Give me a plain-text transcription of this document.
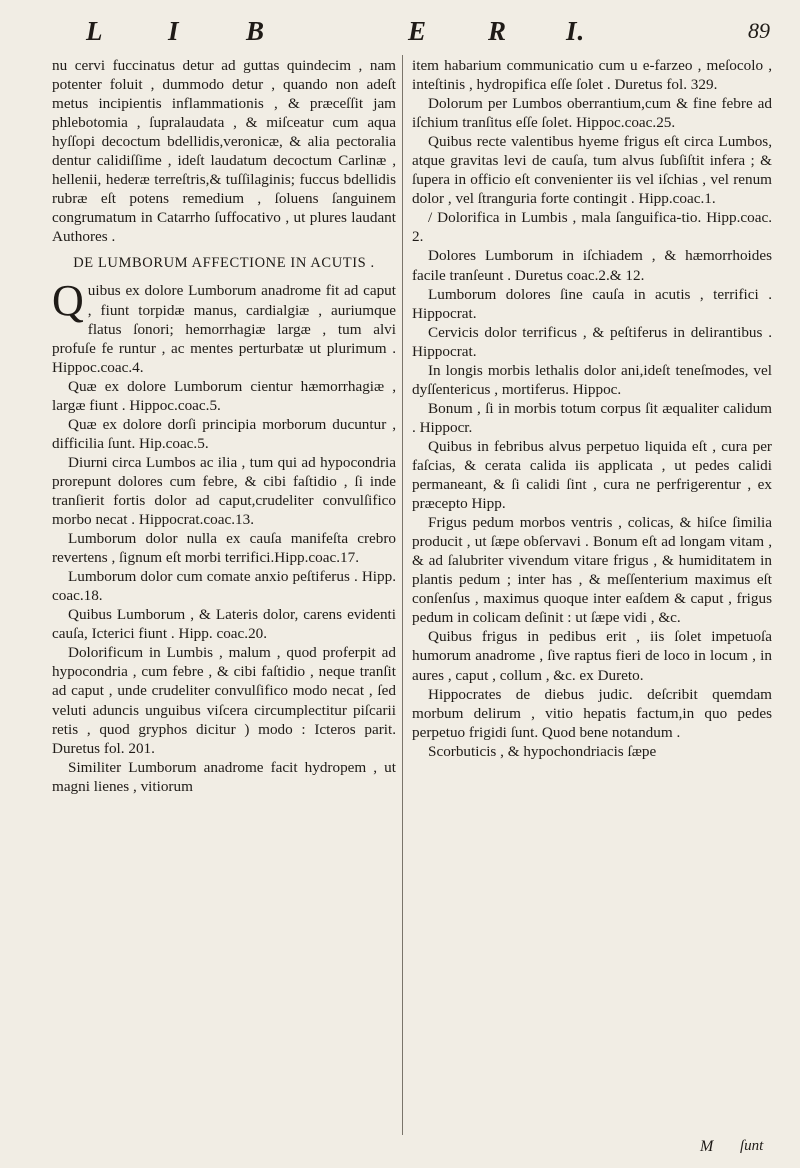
L I B	E R I.	89

nu cervi fuccinatus detur ad guttas quindecim , nam potenter foluit , dummodo detur , quando non adeſt metus incipientis inflammationis , & præceſſit jam phlebotomia , ſupralaudata , & miſceatur cum aqua hyſſopi decoctum bdellidis,veronicæ, & alia pectoralia dentur calidiſſime , ideſt laudatum decoctum Carlinæ , hellenii, hederæ terreſtris,& tuſſilaginis; fuccus bdellidis rubræ eſt potens remedium , ſoluens ſanguinem congrumatum in Catarrho ſuffocativo , ut plures laudant Authores .

DE LUMBORUM AFFECTIONE IN ACUTIS .

Quibus ex dolore Lumborum anadrome fit ad caput , fiunt torpidæ manus, cardialgiæ , auriumque flatus ſonori; hemorrhagiæ largæ , tum alvi profuſe fe runtur , ac mentes perturbatæ ut plurimum . Hippoc.coac.4.

Quæ ex dolore Lumborum cientur hæmorrhagiæ , largæ fiunt . Hippoc.coac.5.

Quæ ex dolore dorſi principia morborum ducuntur , difficilia ſunt. Hip.coac.5.

Diurni circa Lumbos ac ilia , tum qui ad hypocondria prorepunt dolores cum febre, & cibi faſtidio , ſi inde tranſierit fortis dolor ad caput,crudeliter convulſifico morbo necat . Hippocrat.coac.13.

Lumborum dolor nulla ex cauſa manifeſta crebro revertens , ſignum eſt morbi terrifici.Hipp.coac.17.

Lumborum dolor cum comate anxio peſtiferus . Hipp. coac.18.

Quibus Lumborum , & Lateris dolor, carens evidenti cauſa, Icterici fiunt . Hipp. coac.20.

Dolorificum in Lumbis , malum , quod proferpit ad hypocondria , cum febre , & cibi faſtidio , neque tranſit ad caput , unde crudeliter convulſifico modo necat , ſed veluti aduncis unguibus viſcera circumplectitur piſcarii retis , quod gryphos dicitur ) modo : Icteros parit. Duretus fol. 201.

Similiter Lumborum anadrome facit hydropem , ut magni lienes , vitiorum

item habarium communicatio cum u e-farzeo , meſocolo , inteſtinis , hydropifica eſſe ſolet . Duretus fol. 329.

Dolorum per Lumbos oberrantium,cum & fine febre ad iſchium tranſitus eſſe ſolet. Hippoc.coac.25.

Quibus recte valentibus hyeme frigus eſt circa Lumbos, atque gravitas levi de cauſa, tum alvus ſubſiſtit infera ; & ſupera in officio eſt convenienter iis vel iſchias , vel renum dolor , vel ſtranguria forte contingit . Hipp.coac.1.

/ Dolorifica in Lumbis , mala ſanguifica-tio. Hipp.coac. 2.

Dolores Lumborum in iſchiadem , & hæmorrhoides facile tranſeunt . Duretus coac.2.& 12.

Lumborum dolores ſine cauſa in acutis , terrifici . Hippocrat.

Cervicis dolor terrificus , & peſtiferus in delirantibus . Hippocrat.

In longis morbis lethalis dolor ani,ideſt teneſmodes, vel dyſſentericus , mortiferus. Hippoc.

Bonum , ſi in morbis totum corpus ſit æqualiter calidum . Hippocr.

Quibus in febribus alvus perpetuo liquida eſt , cura per faſcias, & cerata calida iis applicata , ut pedes calidi permaneant, & ſi calidi ſint , cura ne perfrigerentur , ex præcepto Hipp.

Frigus pedum morbos ventris , colicas, & hiſce ſimilia producit , ut ſæpe obſervavi . Bonum eſt ad longam vitam , & ad ſalubriter vivendum vitare frigus , & humiditatem in plantis pedum ; inter has , & meſſenterium maximus eſt conſenſus , maximus quoque inter eaſdem & caput , frigus pedum in colicam deſinit : ut ſæpe vidi , &c.

Quibus frigus in pedibus erit , iis ſolet impetuoſa humorum anadrome , ſive raptus fieri de loco in locum , in aures , caput , collum , &c. ex Dureto.

Hippocrates de diebus judic. deſcribit quemdam morbum delirum , vitio hepatis factum,in quo pedes perpetuo frigidi ſunt. Quod bene notandum .

Scorbuticis , & hypochondriacis ſæpe

M ſunt
